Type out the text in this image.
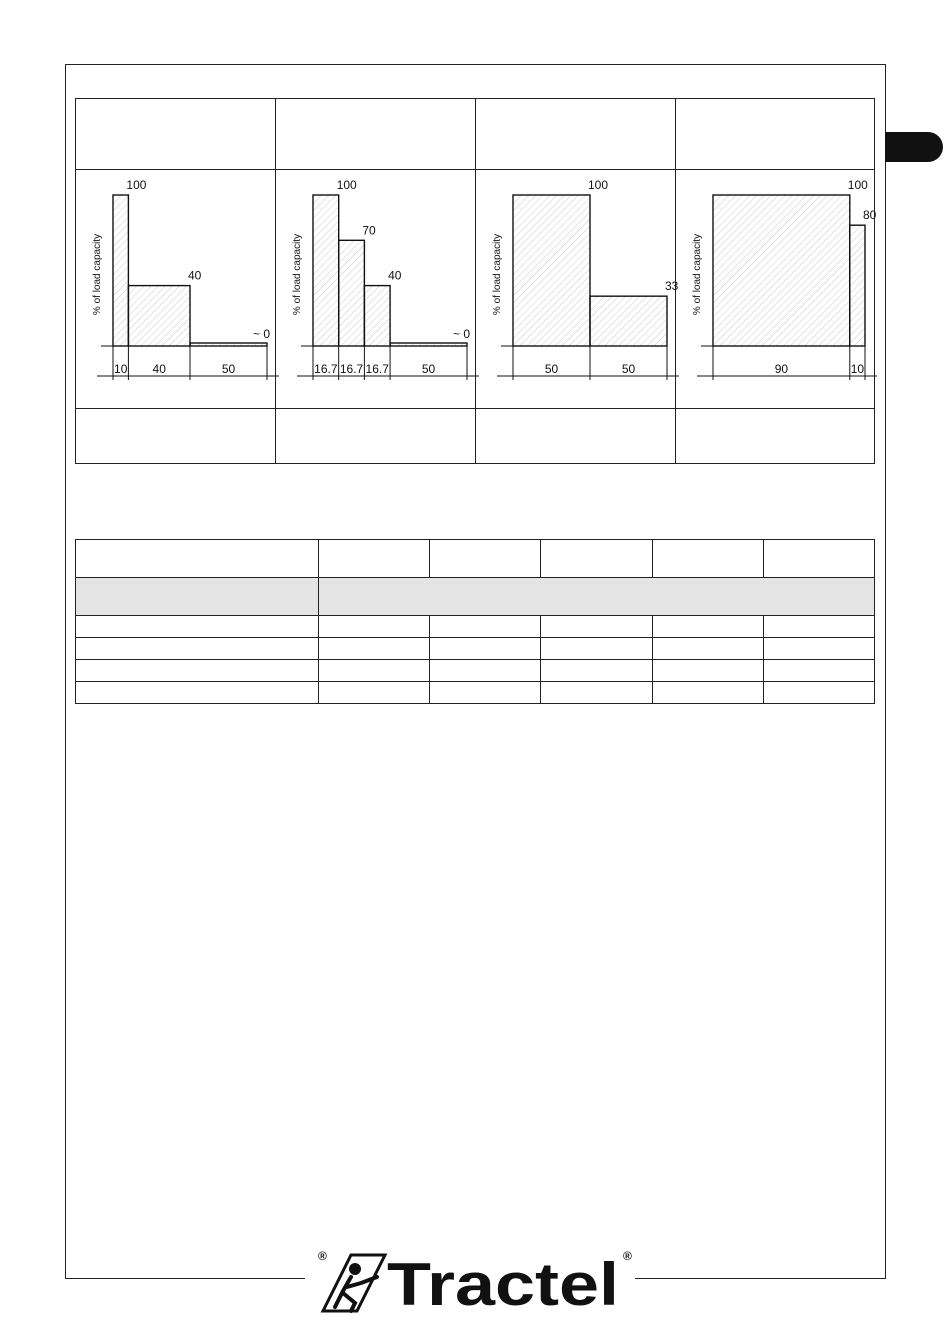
% of load capacity
100
10
40
40
~ 0
50
% of load capacity
100
16.7
70
16.7
40
16.7
~ 0
50
% of load capacity
100
50
33
50
% of load capacity
100
90
80
10

® Tractel ®
